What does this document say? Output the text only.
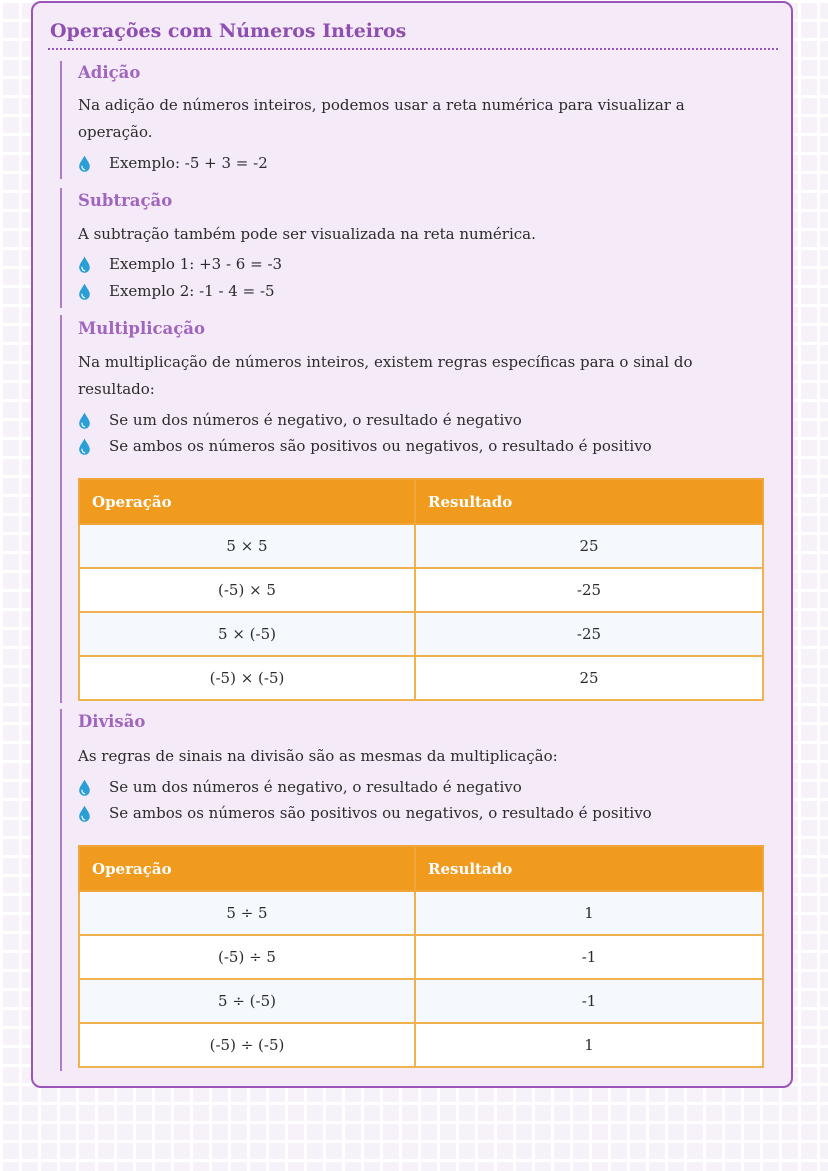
Operações com Números Inteiros
Adição

Na adição de números inteiros, podemos usar a reta numérica para visualizar a operação.

Exemplo: -5 + 3 = -2
Subtração

A subtração também pode ser visualizada na reta numérica.

Exemplo 1: +3 - 6 = -3
Exemplo 2: -1 - 4 = -5
Multiplicação

Na multiplicação de números inteiros, existem regras específicas para o sinal do resultado:

Se um dos números é negativo, o resultado é negativo
Se ambos os números são positivos ou negativos, o resultado é positivo
Operação	Resultado
5 × 5	25
(-5) × 5	-25
5 × (-5)	-25
(-5) × (-5)	25
Divisão

As regras de sinais na divisão são as mesmas da multiplicação:

Se um dos números é negativo, o resultado é negativo
Se ambos os números são positivos ou negativos, o resultado é positivo
Operação	Resultado
5 ÷ 5	1
(-5) ÷ 5	-1
5 ÷ (-5)	-1
(-5) ÷ (-5)	1
